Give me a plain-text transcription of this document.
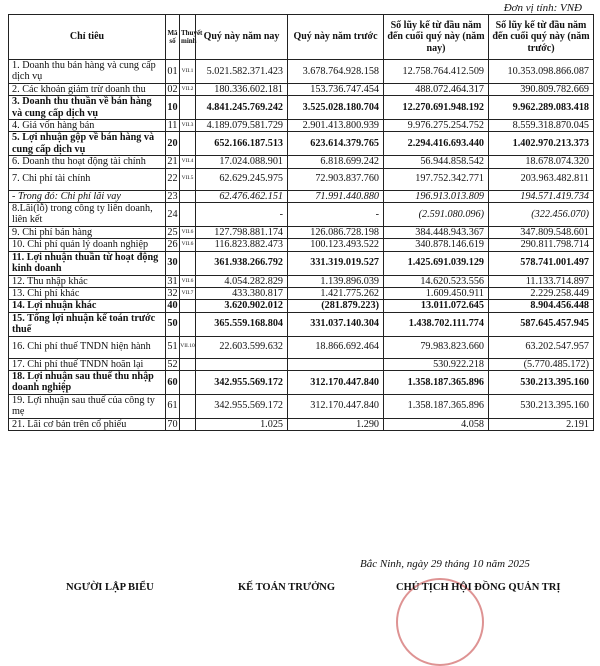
Đơn vị tính: VNĐ
Chỉ tiêu	Mã số	Thuyết minh	Quý này năm nay	Quý này năm trước	Số lũy kế từ đầu năm đến cuối quý này (năm nay)	Số lũy kế từ đầu năm đến cuối quý này (năm trước)
1. Doanh thu bán hàng và cung cấp dịch vụ	01	VII.1	5.021.582.371.423	3.678.764.928.158	12.758.764.412.509	10.353.098.866.087
2. Các khoản giảm trừ doanh thu	02	VII.2	180.336.602.181	153.736.747.454	488.072.464.317	390.809.782.669
3. Doanh thu thuần về bán hàng và cung cấp dịch vụ	10		4.841.245.769.242	3.525.028.180.704	12.270.691.948.192	9.962.289.083.418
4. Giá vốn hàng bán	11	VII.3	4.189.079.581.729	2.901.413.800.939	9.976.275.254.752	8.559.318.870.045
5. Lợi nhuận gộp về bán hàng và cung cấp dịch vụ	20		652.166.187.513	623.614.379.765	2.294.416.693.440	1.402.970.213.373
6. Doanh thu hoạt động tài chính	21	VII.4	17.024.088.901	6.818.699.242	56.944.858.542	18.678.074.320
7. Chi phí tài chính	22	VII.5	62.629.245.975	72.903.837.760	197.752.342.771	203.963.482.811
- Trong đó: Chi phí lãi vay	23		62.476.462.151	71.991.440.880	196.913.013.809	194.571.419.734
8.Lãi(lỗ) trong công ty liên doanh, liên kết	24		-	-	(2.591.080.096)	(322.456.070)
9. Chi phí bán hàng	25	VII.6	127.798.881.174	126.086.728.198	384.448.943.367	347.809.548.601
10. Chi phí quản lý doanh nghiệp	26	VII.6	116.823.882.473	100.123.493.522	340.878.146.619	290.811.798.714
11. Lợi nhuận thuần từ hoạt động kinh doanh	30		361.938.266.792	331.319.019.527	1.425.691.039.129	578.741.001.497
12. Thu nhập khác	31	VII.6	4.054.282.829	1.139.896.039	14.620.523.556	11.133.714.897
13. Chi phí khác	32	VII.7	433.380.817	1.421.775.262	1.609.450.911	2.229.258.449
14. Lợi nhuận khác	40		3.620.902.012	(281.879.223)	13.011.072.645	8.904.456.448
15. Tổng lợi nhuận kế toán trước thuế	50		365.559.168.804	331.037.140.304	1.438.702.111.774	587.645.457.945
16. Chi phí thuế TNDN hiện hành	51	VII.10	22.603.599.632	18.866.692.464	79.983.823.660	63.202.547.957
17. Chi phí thuế TNDN hoãn lại	52				530.922.218	(5.770.485.172)
18. Lợi nhuận sau thuế thu nhập doanh nghiệp	60		342.955.569.172	312.170.447.840	1.358.187.365.896	530.213.395.160
19. Lợi nhuận sau thuế của công ty mẹ	61		342.955.569.172	312.170.447.840	1.358.187.365.896	530.213.395.160
21. Lãi cơ bản trên cổ phiếu	70		1.025	1.290	4.058	2.191
Bắc Ninh, ngày 29 tháng 10 năm 2025
NGƯỜI LẬP BIỂU	KẾ TOÁN TRƯỞNG	CHỦ TỊCH HỘI ĐỒNG QUẢN TRỊ
